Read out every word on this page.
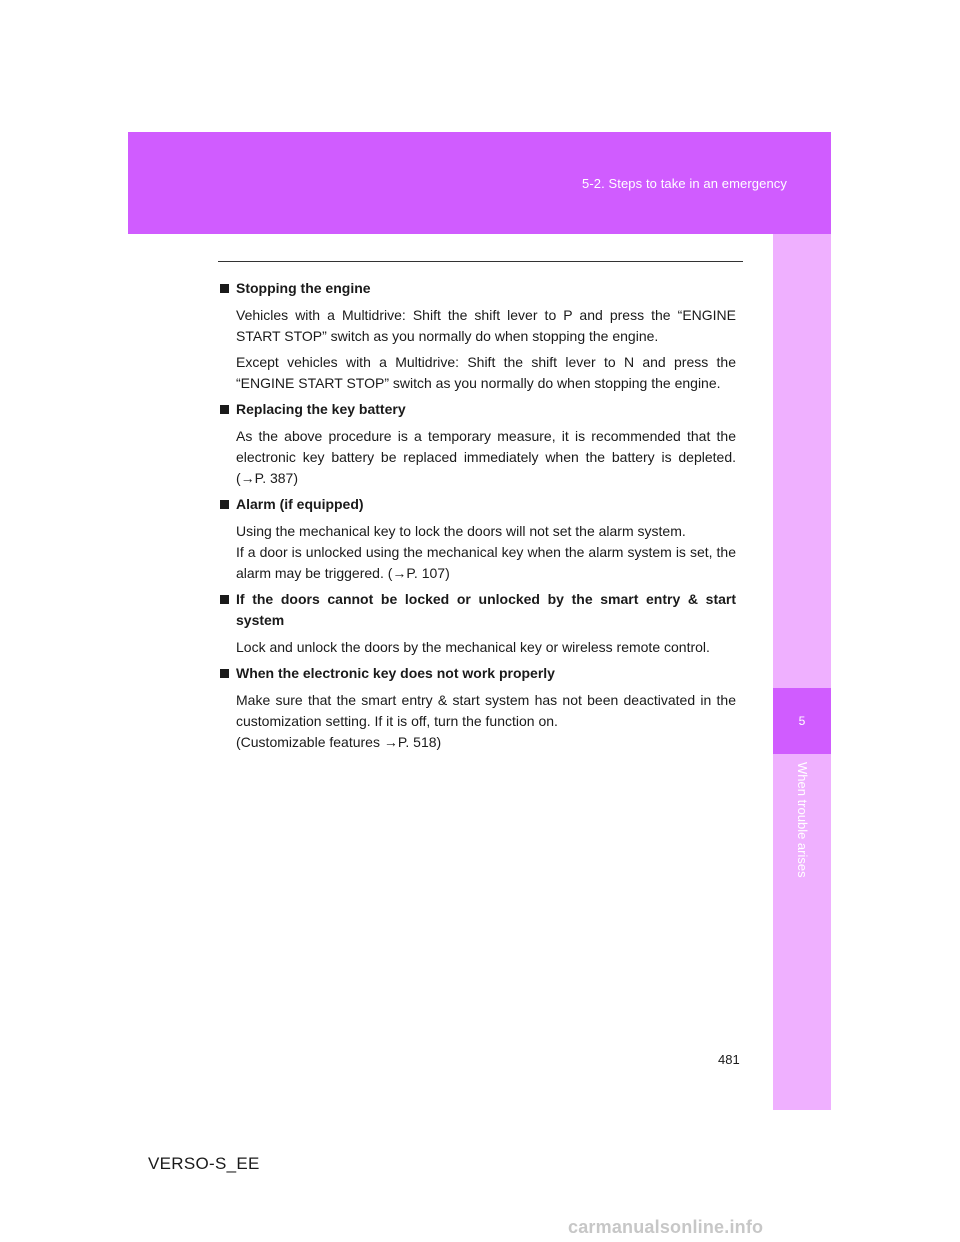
5-2. Steps to take in an emergency
5
When trouble arises
Stopping the engine

Vehicles with a Multidrive: Shift the shift lever to P and press the “ENGINE START STOP” switch as you normally do when stopping the engine.

Except vehicles with a Multidrive: Shift the shift lever to N and press the “ENGINE START STOP” switch as you normally do when stopping the engine.

Replacing the key battery

As the above procedure is a temporary measure, it is recommended that the electronic key battery be replaced immediately when the battery is depleted. (→P. 387)

Alarm (if equipped)

Using the mechanical key to lock the doors will not set the alarm system.

If a door is unlocked using the mechanical key when the alarm system is set, the alarm may be triggered. (→P. 107)

If the doors cannot be locked or unlocked by the smart entry & start system

Lock and unlock the doors by the mechanical key or wireless remote control.

When the electronic key does not work properly

Make sure that the smart entry & start system has not been deactivated in the customization setting. If it is off, turn the function on.

(Customizable features →P. 518)

481
VERSO-S_EE
carmanualsonline.info
